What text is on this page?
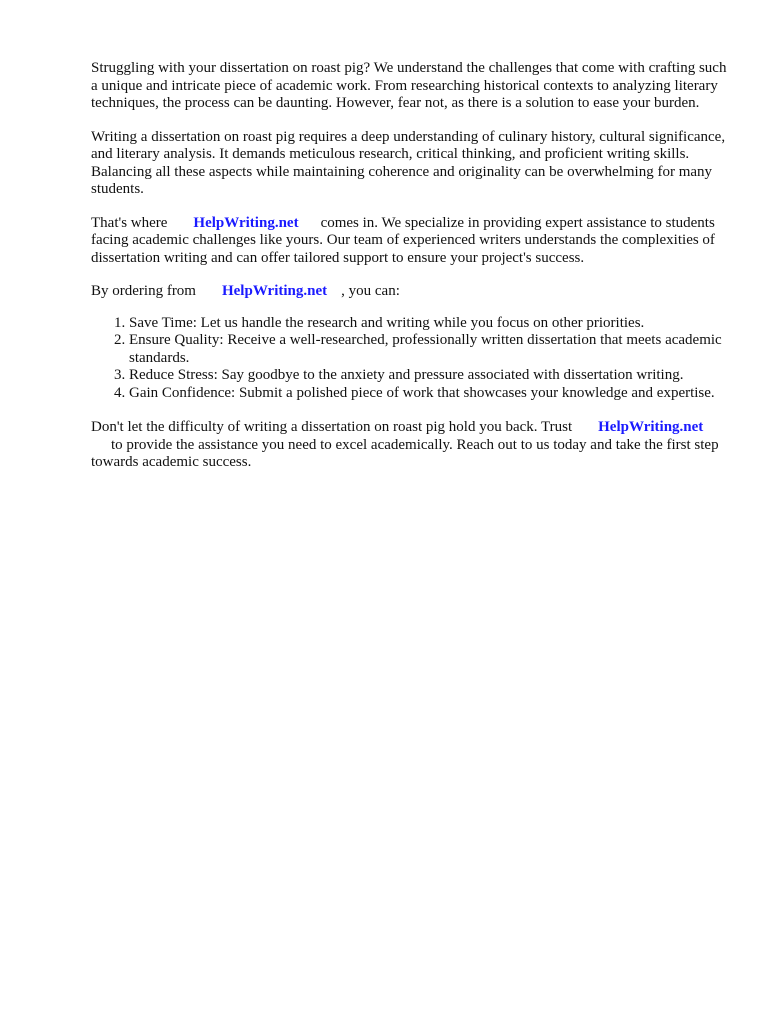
Struggling with your dissertation on roast pig? We understand the challenges that come with crafting such a unique and intricate piece of academic work. From researching historical contexts to analyzing literary techniques, the process can be daunting. However, fear not, as there is a solution to ease your burden.

Writing a dissertation on roast pig requires a deep understanding of culinary history, cultural significance, and literary analysis. It demands meticulous research, critical thinking, and proficient writing skills. Balancing all these aspects while maintaining coherence and originality can be overwhelming for many students.

That's where HelpWriting.net comes in. We specialize in providing expert assistance to students facing academic challenges like yours. Our team of experienced writers understands the complexities of dissertation writing and can offer tailored support to ensure your project's success.

By ordering from HelpWriting.net , you can:

1. Save Time: Let us handle the research and writing while you focus on other priorities.
2. Ensure Quality: Receive a well-researched, professionally written dissertation that meets academic standards.
3. Reduce Stress: Say goodbye to the anxiety and pressure associated with dissertation writing.
4. Gain Confidence: Submit a polished piece of work that showcases your knowledge and expertise.

Don't let the difficulty of writing a dissertation on roast pig hold you back. Trust HelpWriting.net
to provide the assistance you need to excel academically. Reach out to us today and take the first step towards academic success.
